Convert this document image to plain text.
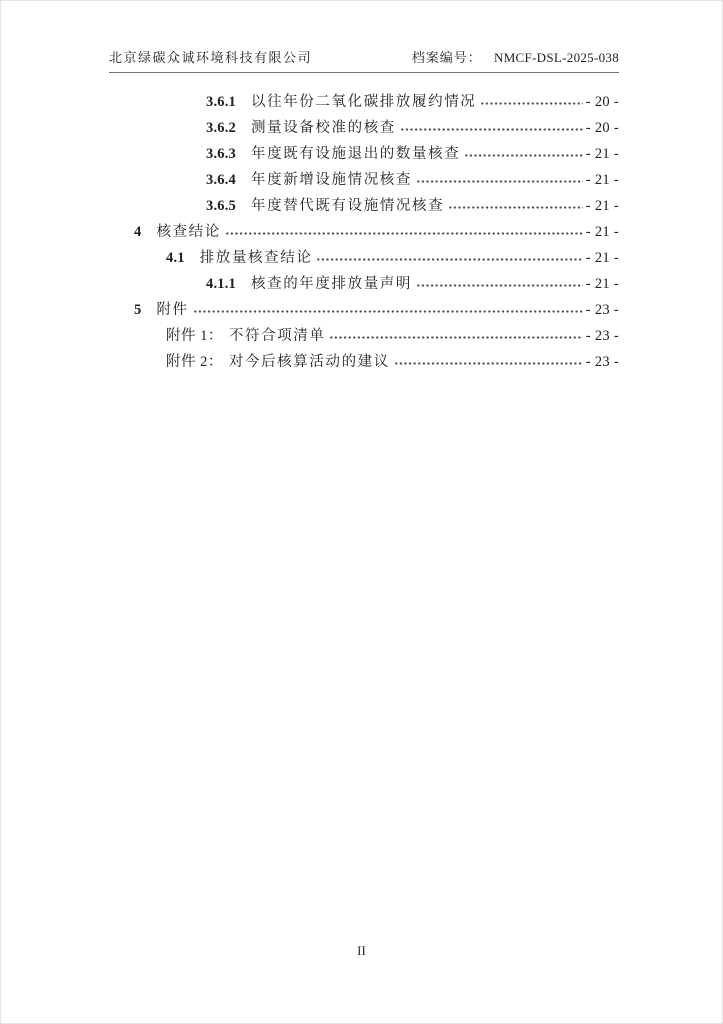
北京绿碳众诚环境科技有限公司	档案编号： NMCF-DSL-2025-038
3.6.1 以往年份二氧化碳排放履约情况	- 20 -
3.6.2 测量设备校准的核查	- 20 -
3.6.3 年度既有设施退出的数量核查	- 21 -
3.6.4 年度新增设施情况核查	- 21 -
3.6.5 年度替代既有设施情况核查	- 21 -
4 核查结论	- 21 -
4.1 排放量核查结论	- 21 -
4.1.1 核查的年度排放量声明	- 21 -
5 附件	- 23 -
附件 1： 不符合项清单	- 23 -
附件 2： 对今后核算活动的建议	- 23 -
II
